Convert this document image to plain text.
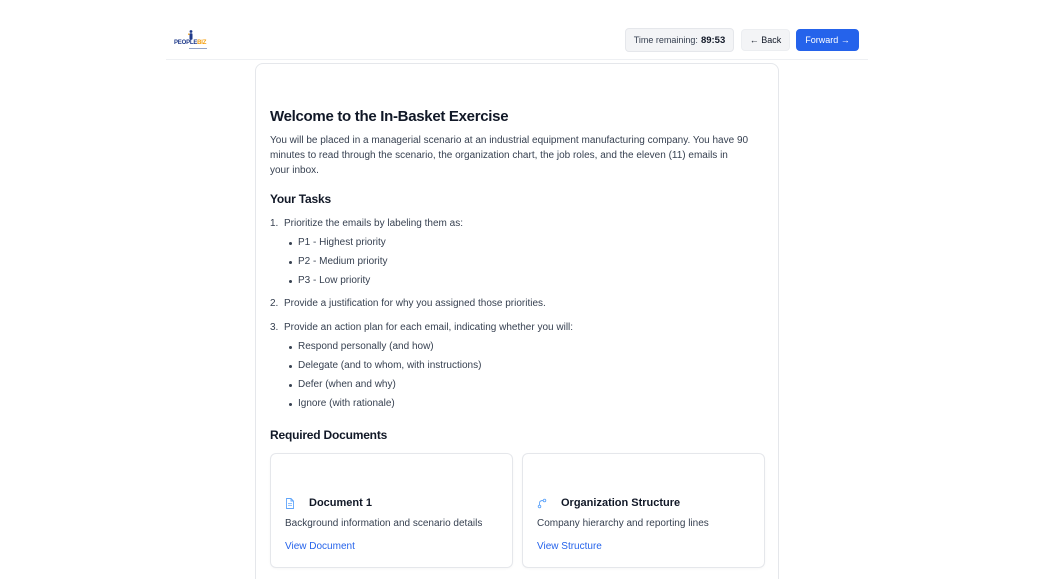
PEOPLEBIZ	Time remaining: 89:53	← Back	Forward →
Welcome to the In-Basket Exercise

You will be placed in a managerial scenario at an industrial equipment manufacturing company. You have 90 minutes to read through the scenario, the organization chart, the job roles, and the eleven (11) emails in your inbox.

Your Tasks
1. Prioritize the emails by labeling them as:
P1 - Highest priority
P2 - Medium priority
P3 - Low priority
2. Provide a justification for why you assigned those priorities.
3. Provide an action plan for each email, indicating whether you will:
Respond personally (and how)
Delegate (and to whom, with instructions)
Defer (when and why)
Ignore (with rationale)
Required Documents
Document 1
Background information and scenario details
View Document
Organization Structure
Company hierarchy and reporting lines
View Structure
